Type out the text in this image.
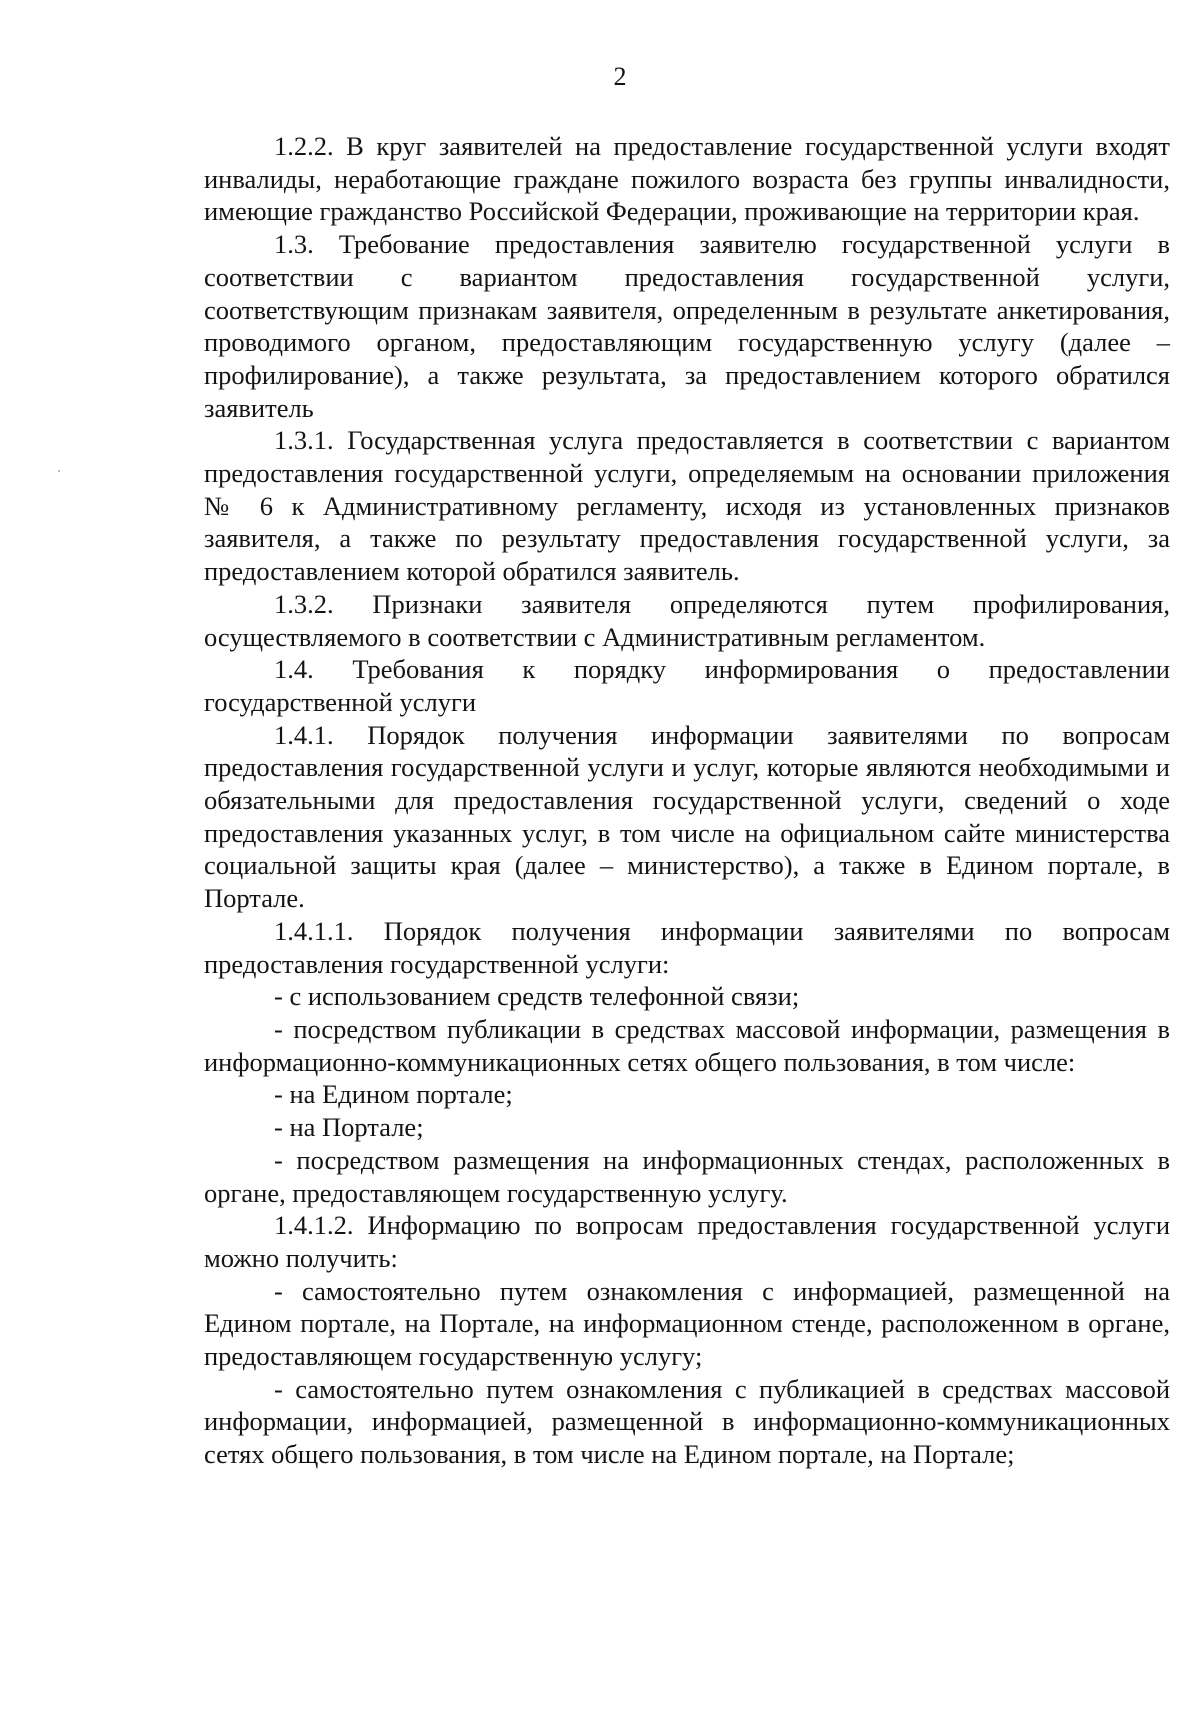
2

1.2.2. В круг заявителей на предоставление государственной услуги входят инвалиды, неработающие граждане пожилого возраста без группы инвалидности, имеющие гражданство Российской Федерации, проживающие на территории края.

1.3. Требование предоставления заявителю государственной услуги в соответствии с вариантом предоставления государственной услуги, соответствующим признакам заявителя, определенным в результате анкетирования, проводимого органом, предоставляющим государственную услугу (далее – профилирование), а также результата, за предоставлением которого обратился заявитель

1.3.1. Государственная услуга предоставляется в соответствии с вариантом предоставления государственной услуги, определяемым на основании приложения № 6 к Административному регламенту, исходя из установленных признаков заявителя, а также по результату предоставления государственной услуги, за предоставлением которой обратился заявитель.

1.3.2. Признаки заявителя определяются путем профилирования, осуществляемого в соответствии с Административным регламентом.

1.4. Требования к порядку информирования о предоставлении государственной услуги

1.4.1. Порядок получения информации заявителями по вопросам предоставления государственной услуги и услуг, которые являются необходимыми и обязательными для предоставления государственной услуги, сведений о ходе предоставления указанных услуг, в том числе на официальном сайте министерства социальной защиты края (далее – министерство), а также в Едином портале, в Портале.

1.4.1.1. Порядок получения информации заявителями по вопросам предоставления государственной услуги:

- с использованием средств телефонной связи;

- посредством публикации в средствах массовой информации, размещения в информационно-коммуникационных сетях общего пользования, в том числе:

- на Едином портале;

- на Портале;

- посредством размещения на информационных стендах, расположенных в органе, предоставляющем государственную услугу.

1.4.1.2. Информацию по вопросам предоставления государственной услуги можно получить:

- самостоятельно путем ознакомления с информацией, размещенной на Едином портале, на Портале, на информационном стенде, расположенном в органе, предоставляющем государственную услугу;

- самостоятельно путем ознакомления с публикацией в средствах массовой информации, информацией, размещенной в информационно-коммуникационных сетях общего пользования, в том числе на Едином портале, на Портале;
